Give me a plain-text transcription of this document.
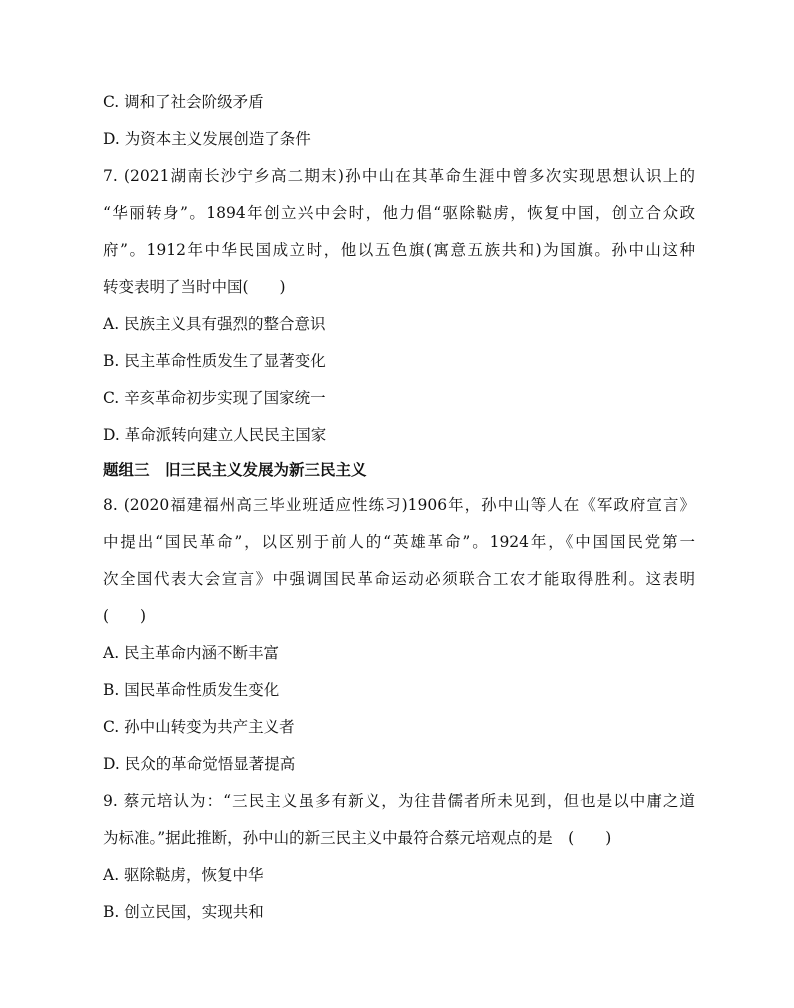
C. 调和了社会阶级矛盾
D. 为资本主义发展创造了条件
7. (2021湖南长沙宁乡高二期末)孙中山在其革命生涯中曾多次实现思想认识上的
“华丽转身”。1894年创立兴中会时，他力倡“驱除鞑虏，恢复中国，创立合众政
府”。1912年中华民国成立时，他以五色旗(寓意五族共和)为国旗。孙中山这种
转变表明了当时中国(　　)
A. 民族主义具有强烈的整合意识
B. 民主革命性质发生了显著变化
C. 辛亥革命初步实现了国家统一
D. 革命派转向建立人民民主国家
题组三　旧三民主义发展为新三民主义
8. (2020福建福州高三毕业班适应性练习)1906年，孙中山等人在《军政府宣言》
中提出“国民革命”，以区别于前人的“英雄革命”。1924年，《中国国民党第一
次全国代表大会宣言》中强调国民革命运动必须联合工农才能取得胜利。这表明
(　　)
A. 民主革命内涵不断丰富
B. 国民革命性质发生变化
C. 孙中山转变为共产主义者
D. 民众的革命觉悟显著提高
9. 蔡元培认为：“三民主义虽多有新义，为往昔儒者所未见到，但也是以中庸之道
为标准。”据此推断，孙中山的新三民主义中最符合蔡元培观点的是　(　　)
A. 驱除鞑虏，恢复中华
B. 创立民国，实现共和
